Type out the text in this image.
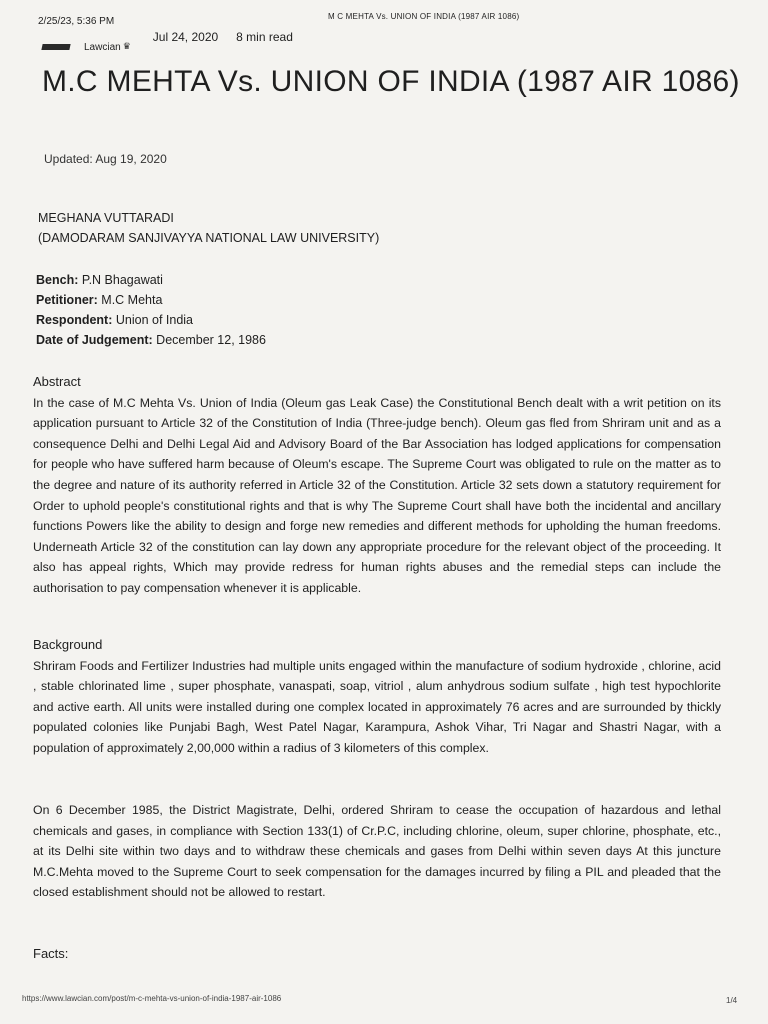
2/25/23, 5:36 PM	M C MEHTA Vs. UNION OF INDIA (1987 AIR 1086)
Lawcian ♛
Jul 24, 2020 8 min read
M.C MEHTA Vs. UNION OF INDIA (1987 AIR 1086)
Updated: Aug 19, 2020
MEGHANA VUTTARADI
(DAMODARAM SANJIVAYYA NATIONAL LAW UNIVERSITY)
Bench: P.N Bhagawati
Petitioner: M.C Mehta
Respondent: Union of India
Date of Judgement: December 12, 1986
Abstract

In the case of M.C Mehta Vs. Union of India (Oleum gas Leak Case) the Constitutional Bench dealt with a writ petition on its application pursuant to Article 32 of the Constitution of India (Three-judge bench). Oleum gas fled from Shriram unit and as a consequence Delhi and Delhi Legal Aid and Advisory Board of the Bar Association has lodged applications for compensation for people who have suffered harm because of Oleum's escape. The Supreme Court was obligated to rule on the matter as to the degree and nature of its authority referred in Article 32 of the Constitution. Article 32 sets down a statutory requirement for Order to uphold people's constitutional rights and that is why The Supreme Court shall have both the incidental and ancillary functions Powers like the ability to design and forge new remedies and different methods for upholding the human freedoms. Underneath Article 32 of the constitution can lay down any appropriate procedure for the relevant object of the proceeding. It also has appeal rights, Which may provide redress for human rights abuses and the remedial steps can include the authorisation to pay compensation whenever it is applicable.

Background

Shriram Foods and Fertilizer Industries had multiple units engaged within the manufacture of sodium hydroxide , chlorine, acid , stable chlorinated lime , super phosphate, vanaspati, soap, vitriol , alum anhydrous sodium sulfate , high test hypochlorite and active earth. All units were installed during one complex located in approximately 76 acres and are surrounded by thickly populated colonies like Punjabi Bagh, West Patel Nagar, Karampura, Ashok Vihar, Tri Nagar and Shastri Nagar, with a population of approximately 2,00,000 within a radius of 3 kilometers of this complex.

On 6 December 1985, the District Magistrate, Delhi, ordered Shriram to cease the occupation of hazardous and lethal chemicals and gases, in compliance with Section 133(1) of Cr.P.C, including chlorine, oleum, super chlorine, phosphate, etc., at its Delhi site within two days and to withdraw these chemicals and gases from Delhi within seven days At this juncture M.C.Mehta moved to the Supreme Court to seek compensation for the damages incurred by filing a PIL and pleaded that the closed establishment should not be allowed to restart.

Facts:
https://www.lawcian.com/post/m-c-mehta-vs-union-of-india-1987-air-1086	1/4
